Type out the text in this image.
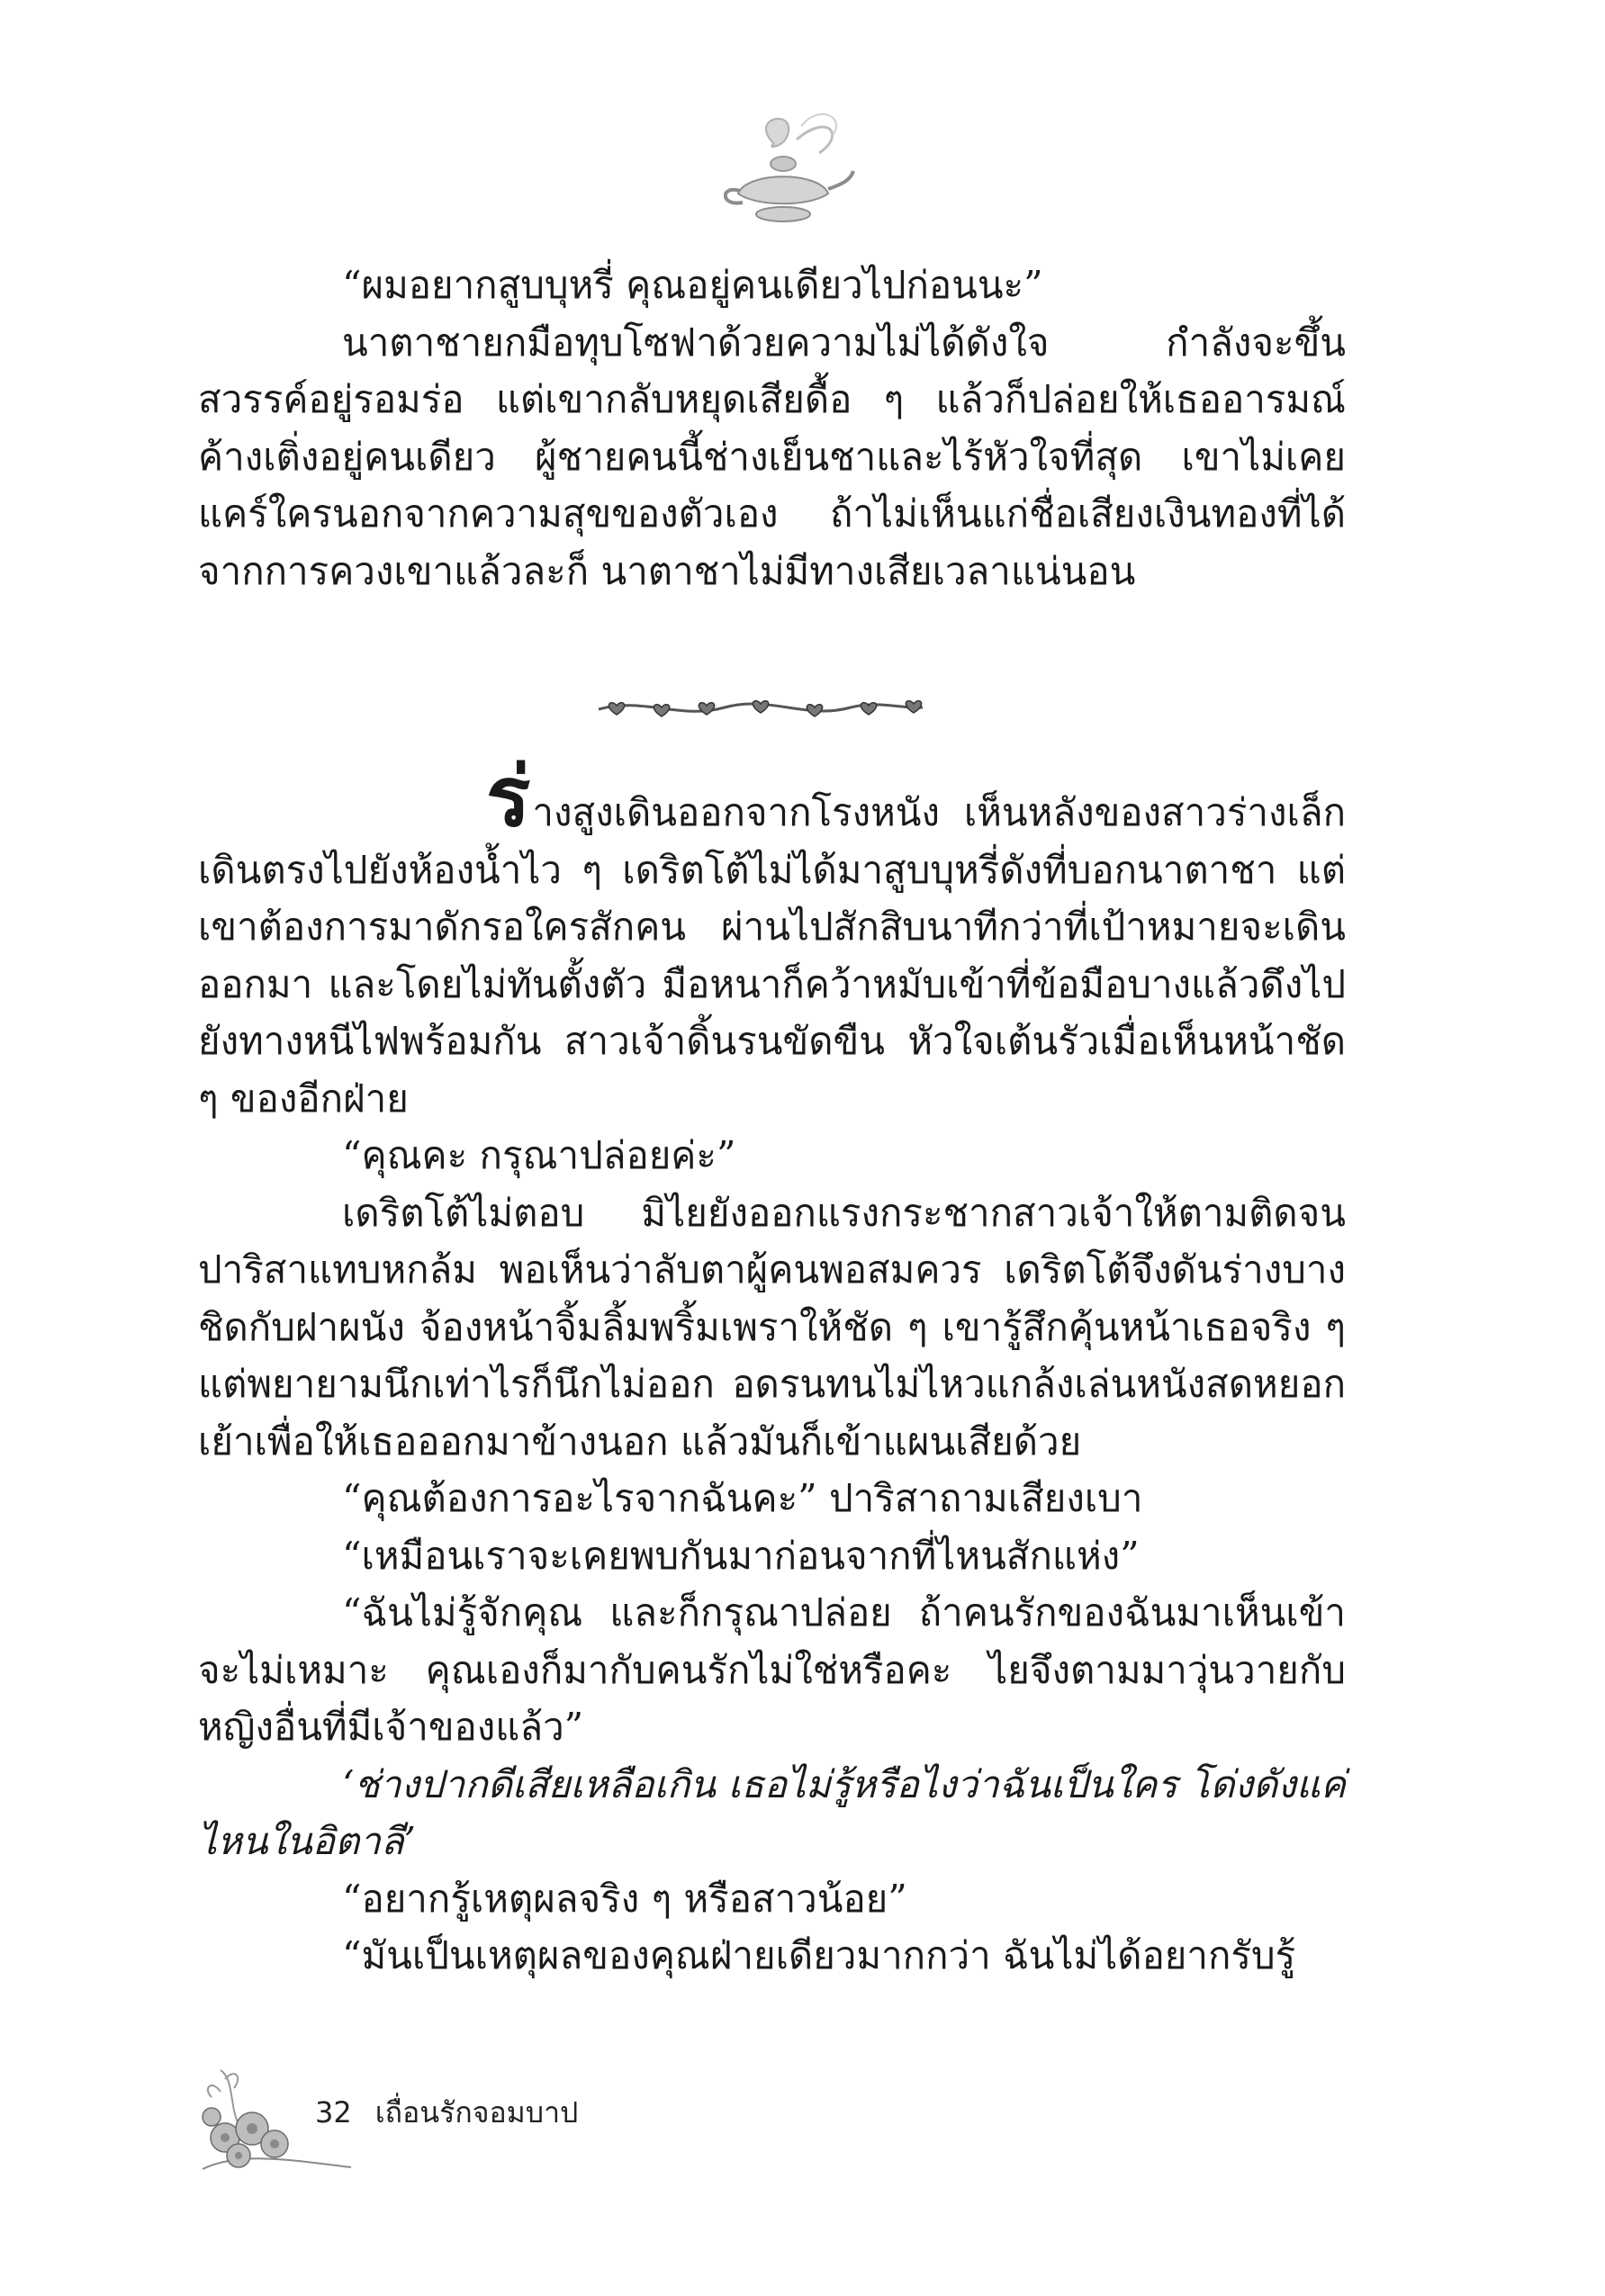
“ผมอยากสูบบุหรี่ คุณอยู่คนเดียวไปก่อนนะ”

นาตาชายกมือทุบโซฟาด้วยความไม่ได้ดังใจ กำลังจะขึ้นสวรรค์อยู่รอมร่อ แต่เขากลับหยุดเสียดื้อ ๆ แล้วก็ปล่อยให้เธออารมณ์ค้างเติ่งอยู่คนเดียว ผู้ชายคนนี้ช่างเย็นชาและไร้หัวใจที่สุด เขาไม่เคยแคร์ใครนอกจากความสุขของตัวเอง ถ้าไม่เห็นแก่ชื่อเสียงเงินทองที่ได้จากการควงเขาแล้วละก็ นาตาชาไม่มีทางเสียเวลาแน่นอน

ร่างสูงเดินออกจากโรงหนัง เห็นหลังของสาวร่างเล็กเดินตรงไปยังห้องน้ำไว ๆ เดริตโต้ไม่ได้มาสูบบุหรี่ดังที่บอกนาตาชา แต่เขาต้องการมาดักรอใครสักคน ผ่านไปสักสิบนาทีกว่าที่เป้าหมายจะเดินออกมา และโดยไม่ทันตั้งตัว มือหนาก็คว้าหมับเข้าที่ข้อมือบางแล้วดึงไปยังทางหนีไฟพร้อมกัน สาวเจ้าดิ้นรนขัดขืน หัวใจเต้นรัวเมื่อเห็นหน้าชัด ๆ ของอีกฝ่าย

“คุณคะ กรุณาปล่อยค่ะ”

เดริตโต้ไม่ตอบ มิไยยังออกแรงกระชากสาวเจ้าให้ตามติดจนปาริสาแทบหกล้ม พอเห็นว่าลับตาผู้คนพอสมควร เดริตโต้จึงดันร่างบางชิดกับฝาผนัง จ้องหน้าจิ้มลิ้มพริ้มเพราให้ชัด ๆ เขารู้สึกคุ้นหน้าเธอจริง ๆ แต่พยายามนึกเท่าไรก็นึกไม่ออก อดรนทนไม่ไหวแกล้งเล่นหนังสดหยอกเย้าเพื่อให้เธอออกมาข้างนอก แล้วมันก็เข้าแผนเสียด้วย

“คุณต้องการอะไรจากฉันคะ” ปาริสาถามเสียงเบา

“เหมือนเราจะเคยพบกันมาก่อนจากที่ไหนสักแห่ง”

“ฉันไม่รู้จักคุณ และก็กรุณาปล่อย ถ้าคนรักของฉันมาเห็นเข้าจะไม่เหมาะ คุณเองก็มากับคนรักไม่ใช่หรือคะ ไยจึงตามมาวุ่นวายกับหญิงอื่นที่มีเจ้าของแล้ว”

‘ช่างปากดีเสียเหลือเกิน เธอไม่รู้หรือไงว่าฉันเป็นใคร โด่งดังแค่ไหนในอิตาลี’

“อยากรู้เหตุผลจริง ๆ หรือสาวน้อย”

“มันเป็นเหตุผลของคุณฝ่ายเดียวมากกว่า ฉันไม่ได้อยากรับรู้

32 เถื่อนรักจอมบาป
